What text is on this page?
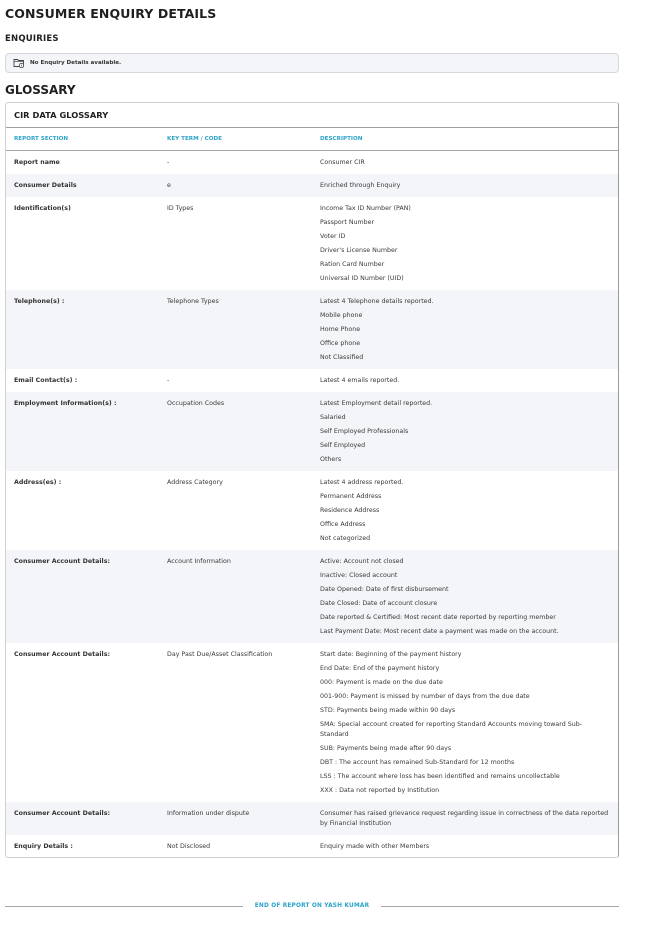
CONSUMER ENQUIRY DETAILS
ENQUIRIES
No Enquiry Details available.
GLOSSARY
CIR DATA GLOSSARY
REPORT SECTION	KEY TERM / CODE	DESCRIPTION
Report name	-	Consumer CIR
Consumer Details	e	Enriched through Enquiry
Identification(s)	ID Types	Income Tax ID Number (PAN)
Passport Number
Voter ID
Driver's License Number
Ration Card Number
Universal ID Number (UID)
Telephone(s) :	Telephone Types	Latest 4 Telephone details reported.
Mobile phone
Home Phone
Office phone
Not Classified
Email Contact(s) :	-	Latest 4 emails reported.
Employment Information(s) :	Occupation Codes	Latest Employment detail reported.
Salaried
Self Employed Professionals
Self Employed
Others
Address(es) :	Address Category	Latest 4 address reported.
Permanent Address
Residence Address
Office Address
Not categorized
Consumer Account Details:	Account Information	Active: Account not closed
Inactive: Closed account
Date Opened: Date of first disbursement
Date Closed: Date of account closure
Date reported & Certified: Most recent date reported by reporting member
Last Payment Date: Most recent date a payment was made on the account.
Consumer Account Details:	Day Past Due/Asset Classification	Start date: Beginning of the payment history
End Date: End of the payment history
000: Payment is made on the due date
001-900: Payment is missed by number of days from the due date
STD: Payments being made within 90 days
SMA: Special account created for reporting Standard Accounts moving toward Sub-Standard
SUB: Payments being made after 90 days
DBT : The account has remained Sub-Standard for 12 months
LSS : The account where loss has been identified and remains uncollectable
XXX : Data not reported by Institution
Consumer Account Details:	Information under dispute	Consumer has raised grievance request regarding issue in correctness of the data reported by Financial Institution
Enquiry Details :	Not Disclosed	Enquiry made with other Members
END OF REPORT ON YASH KUMAR
